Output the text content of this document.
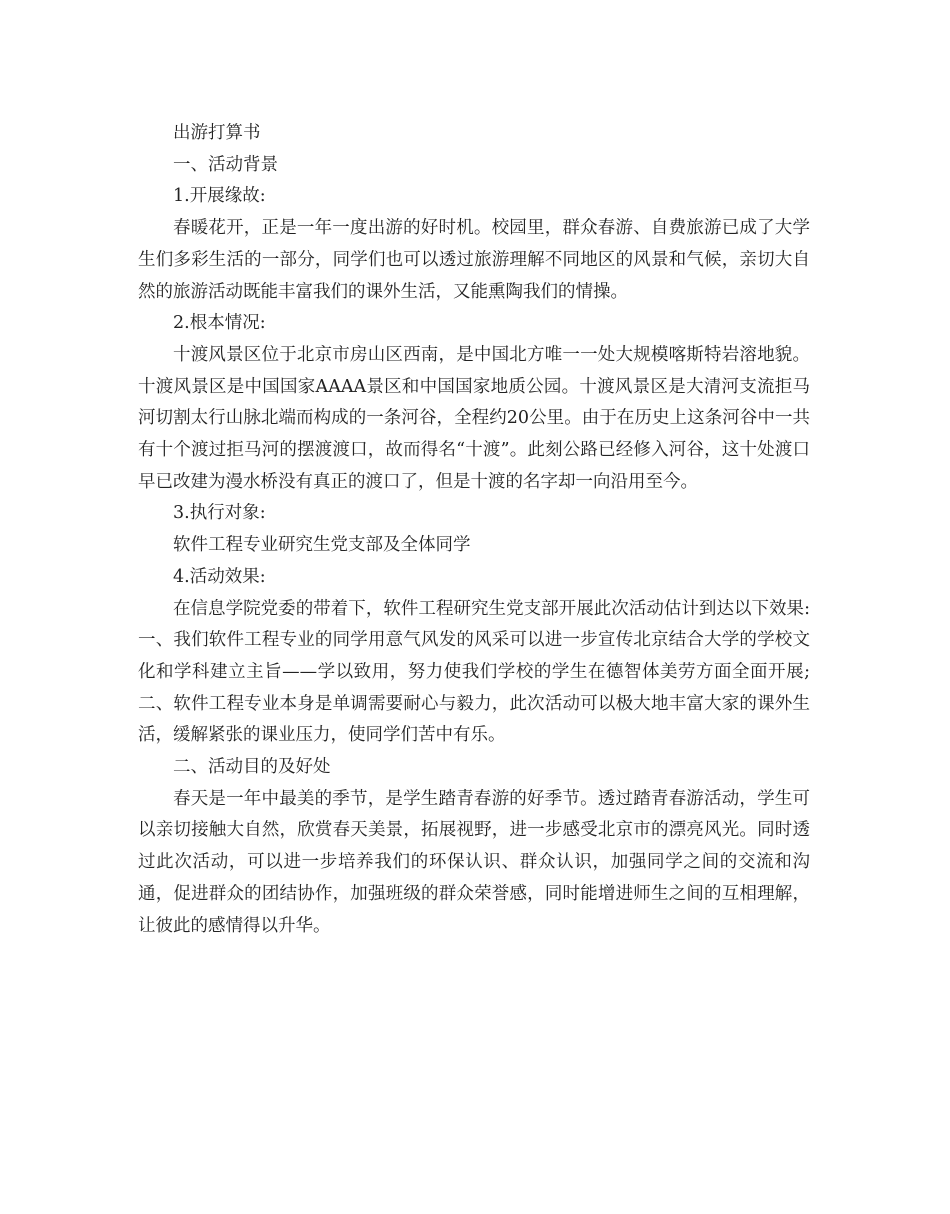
出游打算书

一、活动背景

1.开展缘故:

春暖花开，正是一年一度出游的好时机。校园里，群众春游、自费旅游已成了大学生们多彩生活的一部分，同学们也可以透过旅游理解不同地区的风景和气候，亲切大自然的旅游活动既能丰富我们的课外生活，又能熏陶我们的情操。

2.根本情况:

十渡风景区位于北京市房山区西南，是中国北方唯一一处大规模喀斯特岩溶地貌。十渡风景区是中国国家AAAA景区和中国国家地质公园。十渡风景区是大清河支流拒马河切割太行山脉北端而构成的一条河谷，全程约20公里。由于在历史上这条河谷中一共有十个渡过拒马河的摆渡渡口，故而得名“十渡”。此刻公路已经修入河谷，这十处渡口早已改建为漫水桥没有真正的渡口了，但是十渡的名字却一向沿用至今。

3.执行对象:

软件工程专业研究生党支部及全体同学

4.活动效果:

在信息学院党委的带着下，软件工程研究生党支部开展此次活动估计到达以下效果:一、我们软件工程专业的同学用意气风发的风采可以进一步宣传北京结合大学的学校文化和学科建立主旨——学以致用，努力使我们学校的学生在德智体美劳方面全面开展;二、软件工程专业本身是单调需要耐心与毅力，此次活动可以极大地丰富大家的课外生活，缓解紧张的课业压力，使同学们苦中有乐。

二、活动目的及好处

春天是一年中最美的季节，是学生踏青春游的好季节。透过踏青春游活动，学生可以亲切接触大自然，欣赏春天美景，拓展视野，进一步感受北京市的漂亮风光。同时透过此次活动，可以进一步培养我们的环保认识、群众认识，加强同学之间的交流和沟通，促进群众的团结协作，加强班级的群众荣誉感，同时能增进师生之间的互相理解，让彼此的感情得以升华。
